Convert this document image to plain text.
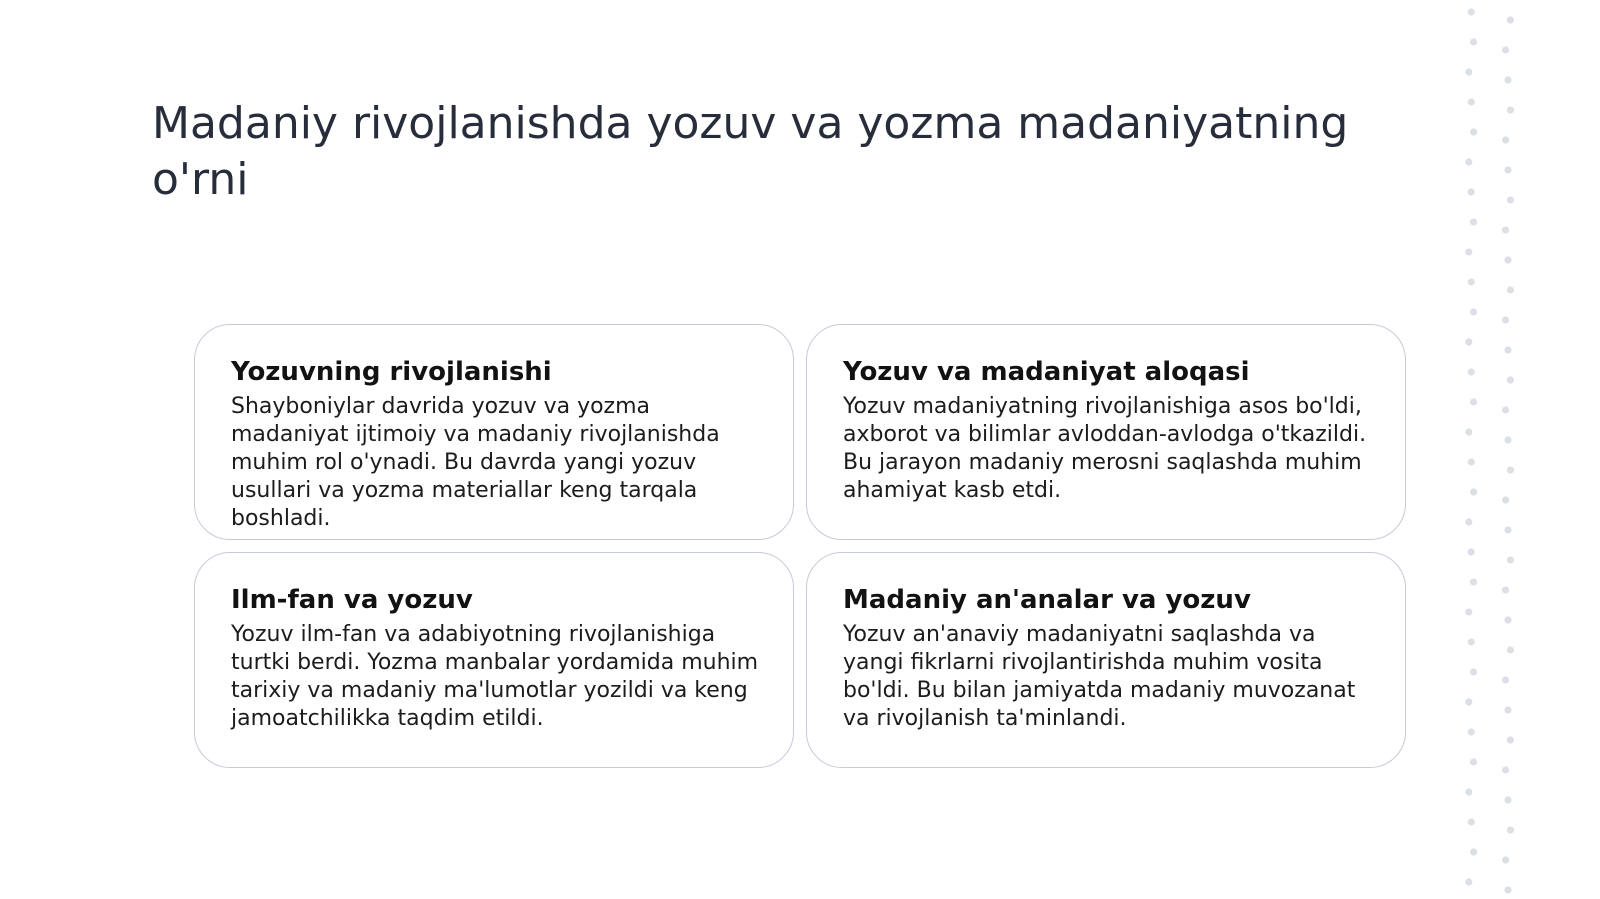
Madaniy rivojlanishda yozuv va yozma madaniyatning o'rni
Yozuvning rivojlanishi

Shayboniylar davrida yozuv va yozma madaniyat ijtimoiy va madaniy rivojlanishda muhim rol o'ynadi. Bu davrda yangi yozuv usullari va yozma materiallar keng tarqala boshladi.

Yozuv va madaniyat aloqasi

Yozuv madaniyatning rivojlanishiga asos bo'ldi, axborot va bilimlar avloddan-avlodga o'tkazildi. Bu jarayon madaniy merosni saqlashda muhim ahamiyat kasb etdi.

Ilm-fan va yozuv

Yozuv ilm-fan va adabiyotning rivojlanishiga turtki berdi. Yozma manbalar yordamida muhim tarixiy va madaniy ma'lumotlar yozildi va keng jamoatchilikka taqdim etildi.

Madaniy an'analar va yozuv

Yozuv an'anaviy madaniyatni saqlashda va yangi fikrlarni rivojlantirishda muhim vosita bo'ldi. Bu bilan jamiyatda madaniy muvozanat va rivojlanish ta'minlandi.
